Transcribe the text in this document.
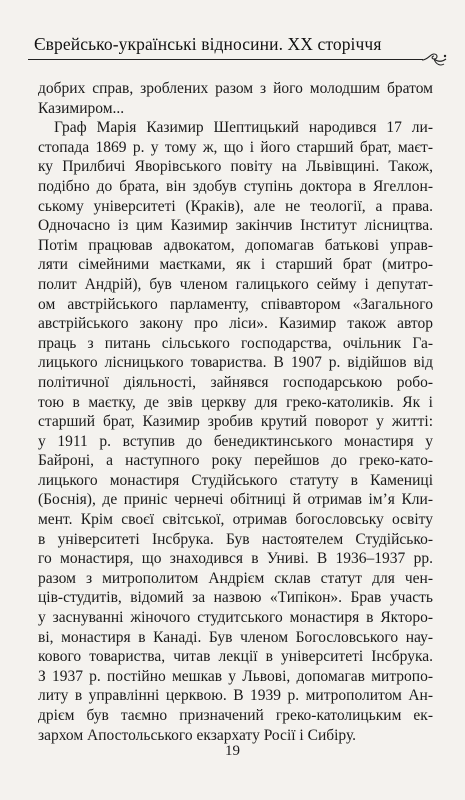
Єврейсько-українські відносини. XX сторіччя

добрих справ, зроблених разом з його молодшим братом
Казимиром...

Граф Марія Казимир Шептицький народився 17 ли-
стопада 1869 р. у тому ж, що і його старший брат, маєт-
ку Прилбичі Яворівського повіту на Львівщині. Також,
подібно до брата, він здобув ступінь доктора в Ягеллон-
ському університеті (Краків), але не теології, а права.
Одночасно із цим Казимир закінчив Інститут лісництва.
Потім працював адвокатом, допомагав батькові управ-
ляти сімейними маєтками, як і старший брат (митро-
полит Андрій), був членом галицького сейму і депутат-
ом австрійського парламенту, співавтором «Загального
австрійського закону про ліси». Казимир також автор
праць з питань сільського господарства, очільник Га-
лицького лісницького товариства. В 1907 р. відійшов від
політичної діяльності, зайнявся господарською робо-
тою в маєтку, де звів церкву для греко-католиків. Як і
старший брат, Казимир зробив крутий поворот у житті:
у 1911 р. вступив до бенедиктинського монастиря у
Байроні, а наступного року перейшов до греко-като-
лицького монастиря Студійського статуту в Камениці
(Боснія), де приніс чернечі обітниці й отримав ім’я Кли-
мент. Крім своєї світської, отримав богословську освіту
в університеті Інсбрука. Був настоятелем Студійсько-
го монастиря, що знаходився в Униві. В 1936–1937 рр.
разом з митрополитом Андрієм склав статут для чен-
ців-студитів, відомий за назвою «Типікон». Брав участь
у заснуванні жіночого студитського монастиря в Якторо-
ві, монастиря в Канаді. Був членом Богословського нау-
кового товариства, читав лекції в університеті Інсбрука.
З 1937 р. постійно мешкав у Львові, допомагав митропо-
литу в управлінні церквою. В 1939 р. митрополитом Ан-
дрієм був таємно призначений греко-католицьким ек-
зархом Апостольського екзархату Росії і Сибіру.

19
